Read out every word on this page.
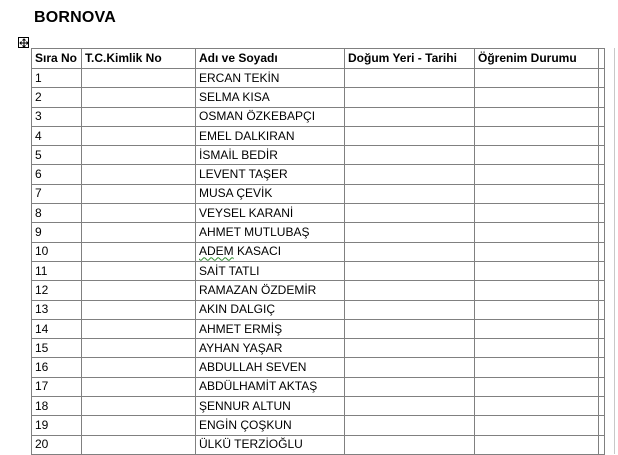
BORNOVA
Sıra No	T.C.Kimlik No	Adı ve Soyadı	Doğum Yeri - Tarihi	Öğrenim Durumu	
1		ERCAN TEKİN			
2		SELMA KISA			
3		OSMAN ÖZKEBAPÇI			
4		EMEL DALKIRAN			
5		İSMAİL BEDİR			
6		LEVENT TAŞER			
7		MUSA ÇEVİK			
8		VEYSEL KARANİ			
9		AHMET MUTLUBAŞ			
10		ADEM KASACI			
11		SAİT TATLI			
12		RAMAZAN ÖZDEMİR			
13		AKIN DALGIÇ			
14		AHMET ERMİŞ			
15		AYHAN YAŞAR			
16		ABDULLAH SEVEN			
17		ABDÜLHAMİT AKTAŞ			
18		ŞENNUR ALTUN			
19		ENGİN ÇOŞKUN			
20		ÜLKÜ TERZİOĞLU			
